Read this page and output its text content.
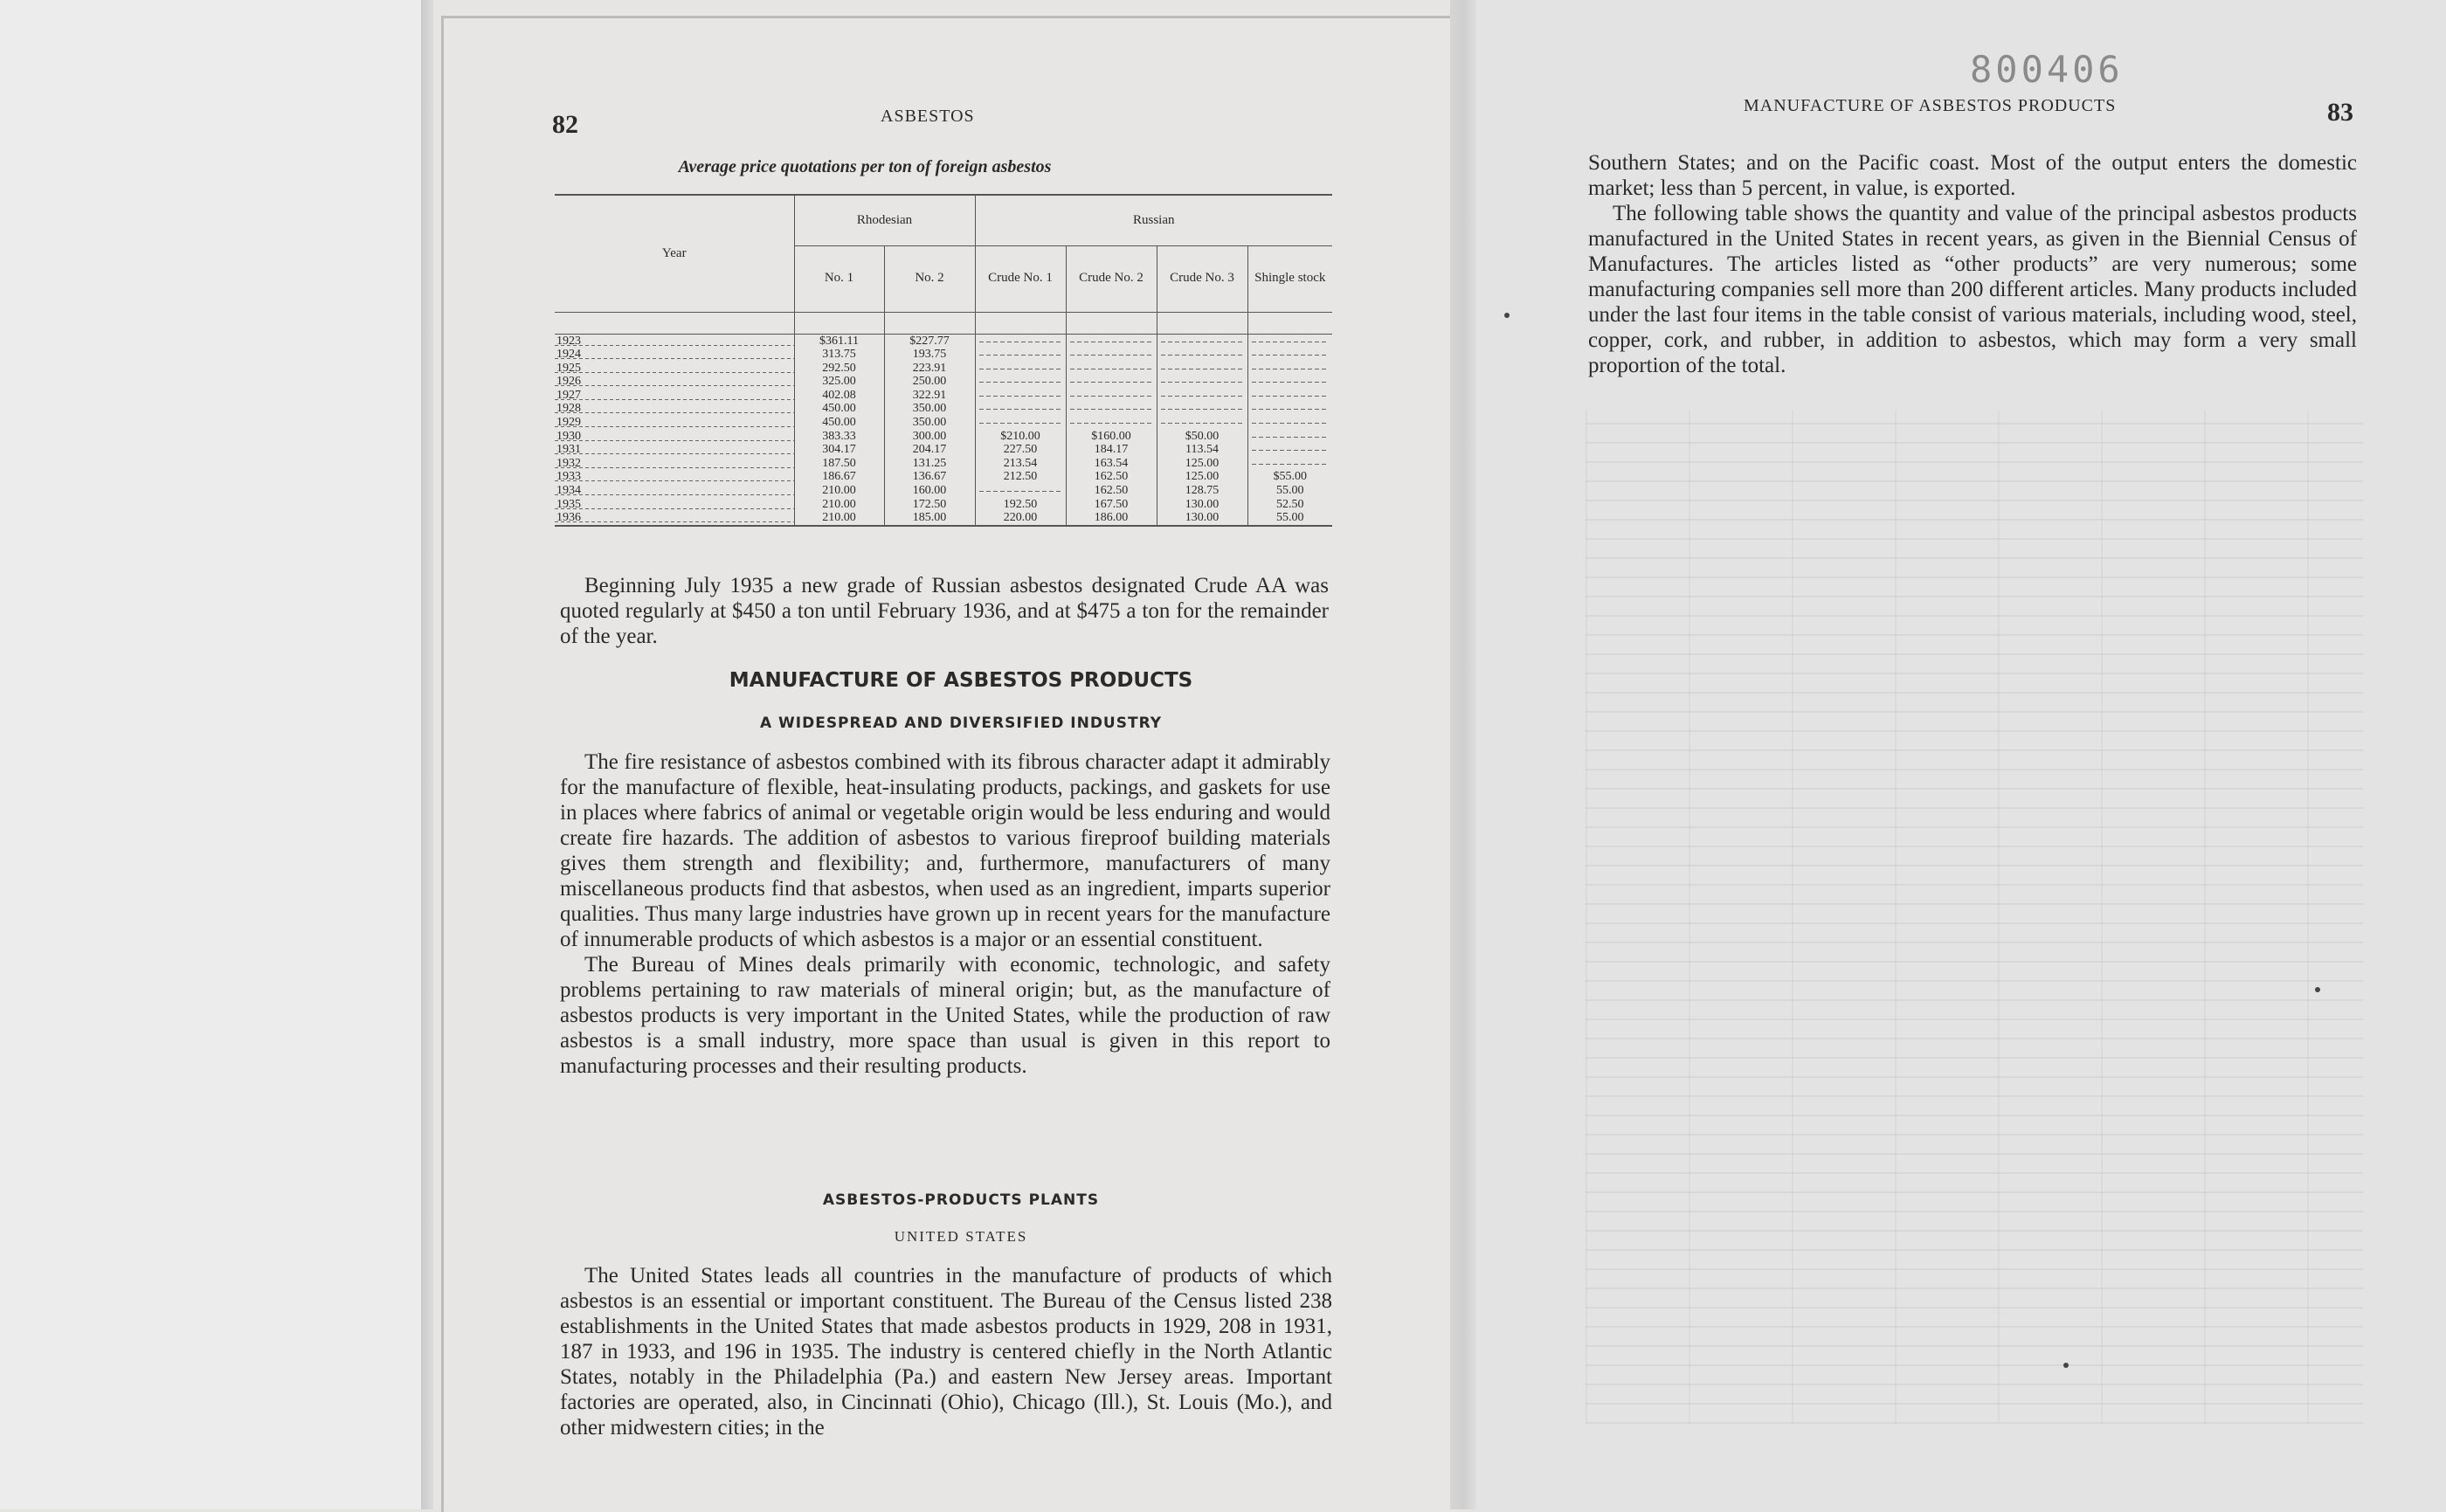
82	ASBESTOS
Average price quotations per ton of foreign asbestos
Year	Rhodesian		Russian			
	No. 1	No. 2	Crude No. 1	Crude No. 2	Crude No. 3	Shingle stock

1923	$361.11	$227.77				
1924	313.75	193.75				
1925	292.50	223.91				
1926	325.00	250.00				
1927	402.08	322.91				
1928	450.00	350.00				
1929	450.00	350.00				
1930	383.33	300.00	$210.00	$160.00	$50.00	
1931	304.17	204.17	227.50	184.17	113.54	
1932	187.50	131.25	213.54	163.54	125.00	
1933	186.67	136.67	212.50	162.50	125.00	$55.00
1934	210.00	160.00		162.50	128.75	55.00
1935	210.00	172.50	192.50	167.50	130.00	52.50
1936	210.00	185.00	220.00	186.00	130.00	55.00

Beginning July 1935 a new grade of Russian asbestos designated Crude AA was quoted regularly at $450 a ton until February 1936, and at $475 a ton for the remainder of the year.

MANUFACTURE OF ASBESTOS PRODUCTS
A WIDESPREAD AND DIVERSIFIED INDUSTRY

The fire resistance of asbestos combined with its fibrous character adapt it admirably for the manufacture of flexible, heat-insulating products, packings, and gaskets for use in places where fabrics of animal or vegetable origin would be less enduring and would create fire hazards. The addition of asbestos to various fireproof building materials gives them strength and flexibility; and, furthermore, manufacturers of many miscellaneous products find that asbestos, when used as an ingredient, imparts superior qualities. Thus many large industries have grown up in recent years for the manufacture of innumerable products of which asbestos is a major or an essential constituent.

The Bureau of Mines deals primarily with economic, technologic, and safety problems pertaining to raw materials of mineral origin; but, as the manufacture of asbestos products is very important in the United States, while the production of raw asbestos is a small industry, more space than usual is given in this report to manufacturing processes and their resulting products.

ASBESTOS-PRODUCTS PLANTS
UNITED STATES

The United States leads all countries in the manufacture of products of which asbestos is an essential or important constituent. The Bureau of the Census listed 238 establishments in the United States that made asbestos products in 1929, 208 in 1931, 187 in 1933, and 196 in 1935. The industry is centered chiefly in the North Atlantic States, notably in the Philadelphia (Pa.) and eastern New Jersey areas. Important factories are operated, also, in Cincinnati (Ohio), Chicago (Ill.), St. Louis (Mo.), and other midwestern cities; in the

800406
MANUFACTURE OF ASBESTOS PRODUCTS	83

Southern States; and on the Pacific coast. Most of the output enters the domestic market; less than 5 percent, in value, is exported.

The following table shows the quantity and value of the principal asbestos products manufactured in the United States in recent years, as given in the Biennial Census of Manufactures. The articles listed as “other products” are very numerous; some manufacturing companies sell more than 200 different articles. Many products included under the last four items in the table consist of various materials, including wood, steel, copper, cork, and rubber, in addition to asbestos, which may form a very small proportion of the total.
